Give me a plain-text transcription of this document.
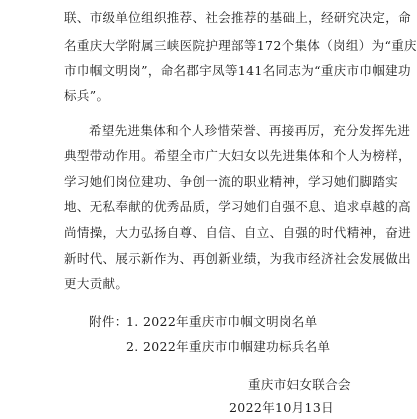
联、市级单位组织推荐、社会推荐的基础上，经研究决定，命
名重庆大学附属三峡医院护理部等172个集体（岗组）为“重庆
市巾帼文明岗”，命名郡宇凤等141名同志为“重庆市巾帼建功
标兵”。
希望先进集体和个人珍惜荣誉、再接再厉，充分发挥先进
典型带动作用。希望全市广大妇女以先进集体和个人为榜样，
学习她们岗位建功、争创一流的职业精神，学习她们脚踏实
地、无私奉献的优秀品质，学习她们自强不息、追求卓越的高
尚情操，大力弘扬自尊、自信、自立、自强的时代精神，奋进
新时代、展示新作为、再创新业绩，为我市经济社会发展做出
更大贡献。
附件：
1. 2022年重庆市巾帼文明岗名单
2. 2022年重庆市巾帼建功标兵名单
重庆市妇女联合会
2022年10月13日
